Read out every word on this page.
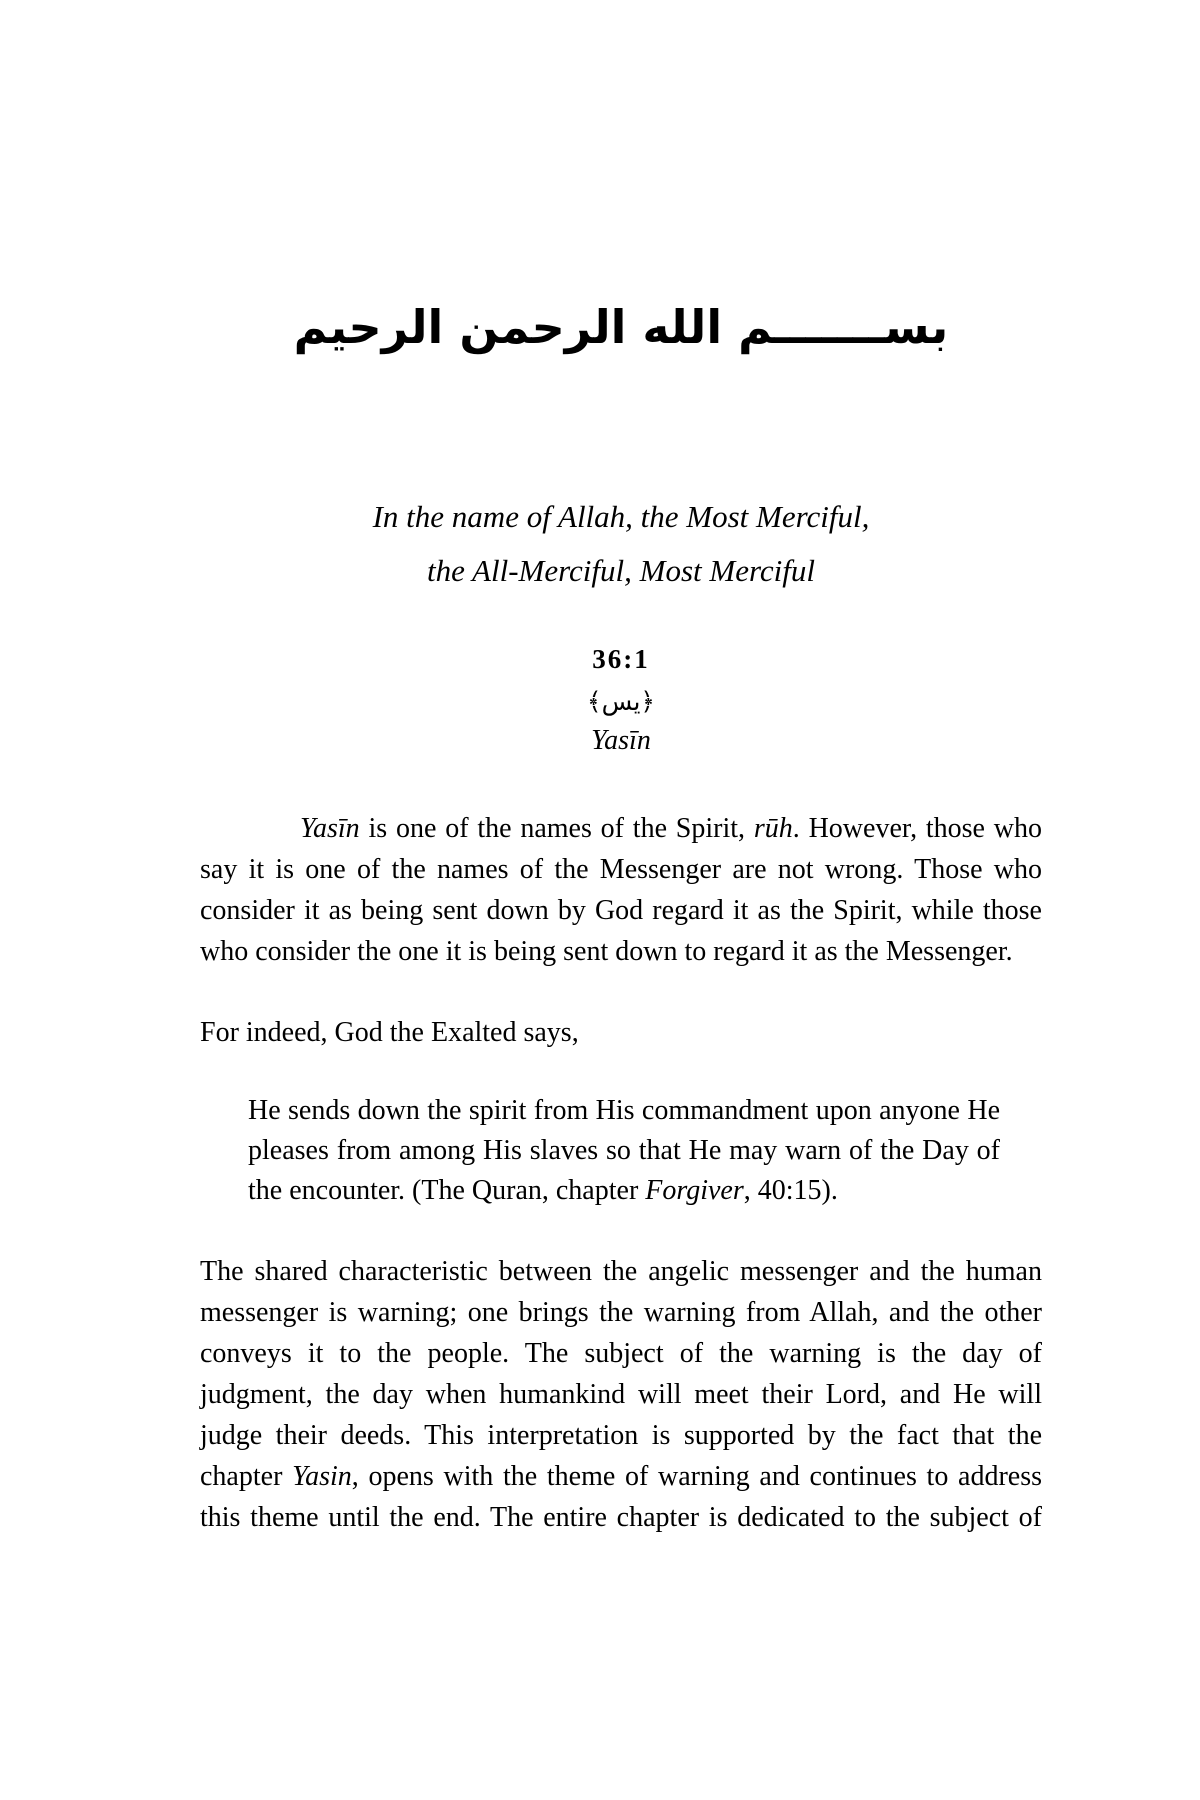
بســـــــم الله الرحمن الرحيم
In the name of Allah, the Most Merciful,
the All-Merciful, Most Merciful
36:1
﴿يس﴾
Yasīn

Yasīn is one of the names of the Spirit, rūh. However, those who say it is one of the names of the Messenger are not wrong. Those who consider it as being sent down by God regard it as the Spirit, while those who consider the one it is being sent down to regard it as the Messenger.

For indeed, God the Exalted says,

He sends down the spirit from His commandment upon anyone He pleases from among His slaves so that He may warn of the Day of the encounter. (The Quran, chapter Forgiver, 40:15).

The shared characteristic between the angelic messenger and the human messenger is warning; one brings the warning from Allah, and the other conveys it to the people. The subject of the warning is the day of judgment, the day when humankind will meet their Lord, and He will judge their deeds. This interpretation is supported by the fact that the chapter Yasin, opens with the theme of warning and continues to address this theme until the end. The entire chapter is dedicated to the subject of
